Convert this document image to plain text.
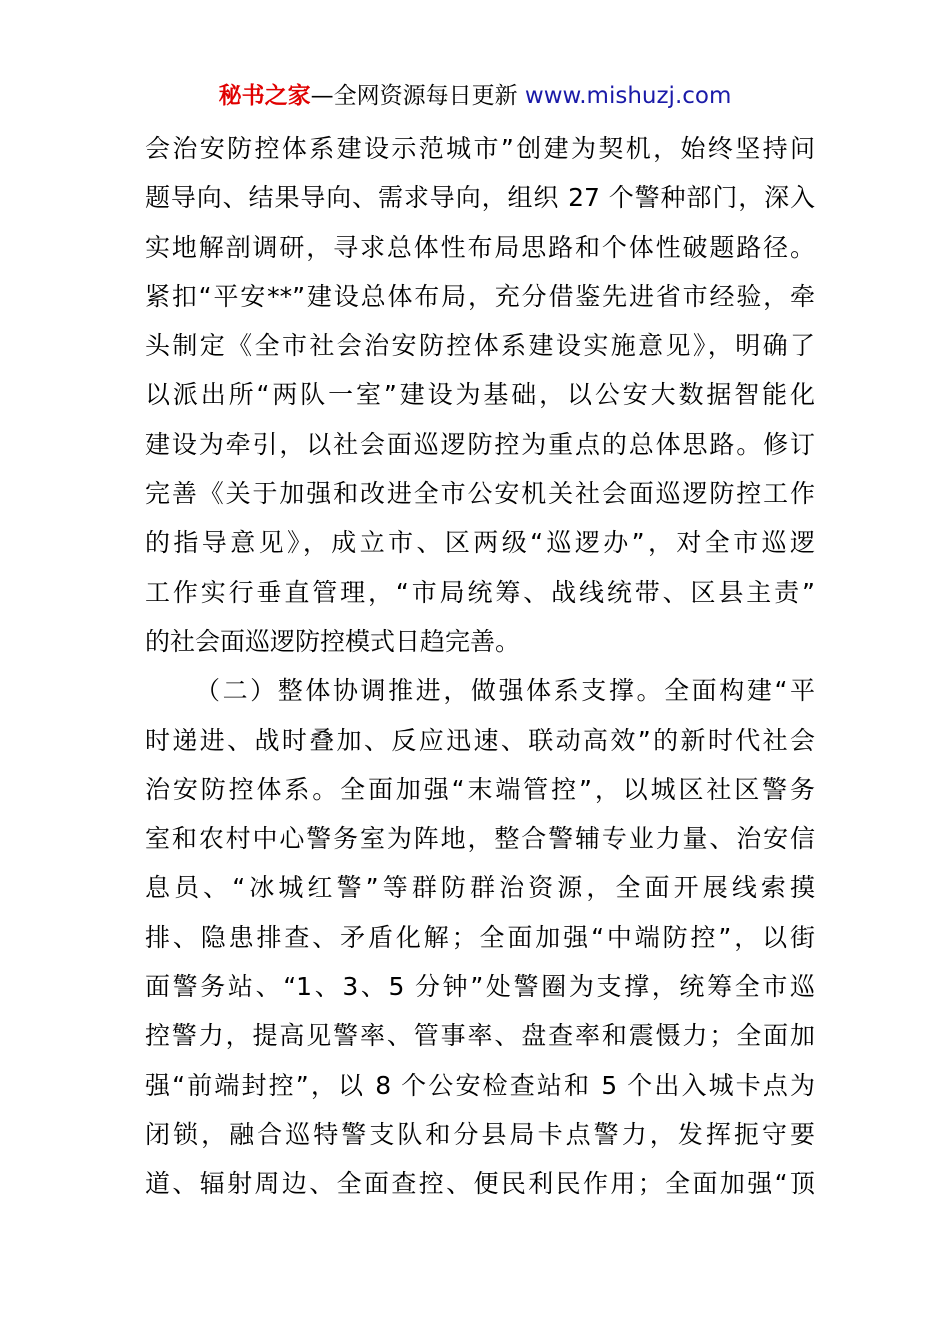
秘书之家—全网资源每日更新 www.mishuzj.com
会治安防控体系建设示范城市”创建为契机，始终坚持问
题导向、结果导向、需求导向，组织 27 个警种部门，深入
实地解剖调研，寻求总体性布局思路和个体性破题路径。
紧扣“平安**”建设总体布局，充分借鉴先进省市经验，牵
头制定《全市社会治安防控体系建设实施意见》，明确了
以派出所“两队一室”建设为基础，以公安大数据智能化
建设为牵引，以社会面巡逻防控为重点的总体思路。修订
完善《关于加强和改进全市公安机关社会面巡逻防控工作
的指导意见》，成立市、区两级“巡逻办”，对全市巡逻
工作实行垂直管理，“市局统筹、战线统带、区县主责”
的社会面巡逻防控模式日趋完善。
（二）整体协调推进，做强体系支撑。全面构建“平
时递进、战时叠加、反应迅速、联动高效”的新时代社会
治安防控体系。全面加强“末端管控”，以城区社区警务
室和农村中心警务室为阵地，整合警辅专业力量、治安信
息员、“冰城红警”等群防群治资源，全面开展线索摸
排、隐患排查、矛盾化解；全面加强“中端防控”，以街
面警务站、“1、3、5 分钟”处警圈为支撑，统筹全市巡
控警力，提高见警率、管事率、盘查率和震慑力；全面加
强“前端封控”，以 8 个公安检查站和 5 个出入城卡点为
闭锁，融合巡特警支队和分县局卡点警力，发挥扼守要
道、辐射周边、全面查控、便民利民作用；全面加强“顶
